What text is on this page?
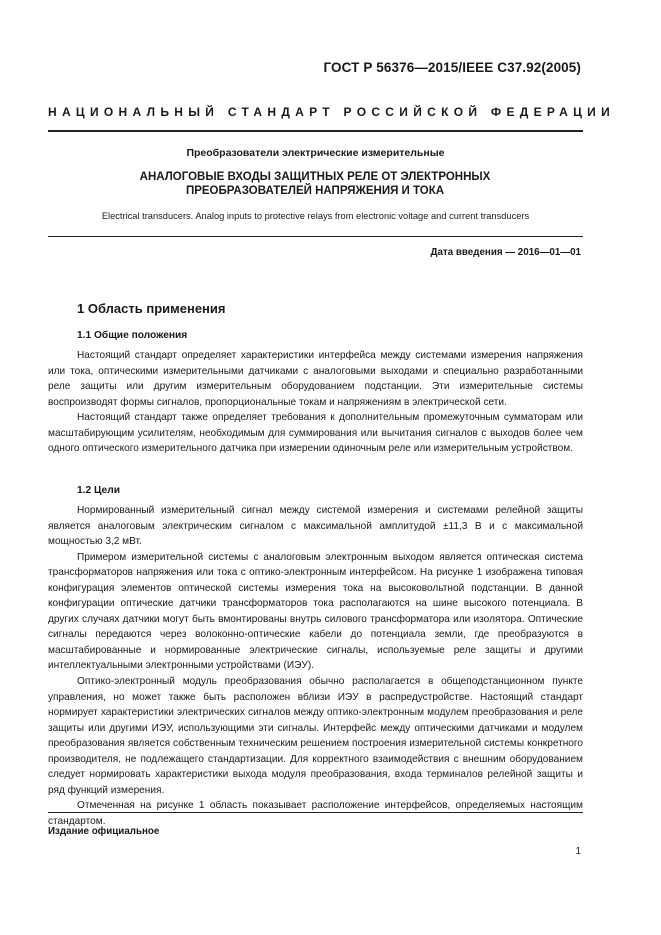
ГОСТ Р 56376—2015/IEEE C37.92(2005)
НАЦИОНАЛЬНЫЙ СТАНДАРТ РОССИЙСКОЙ ФЕДЕРАЦИИ
Преобразователи электрические измерительные
АНАЛОГОВЫЕ ВХОДЫ ЗАЩИТНЫХ РЕЛЕ ОТ ЭЛЕКТРОННЫХ ПРЕОБРАЗОВАТЕЛЕЙ НАПРЯЖЕНИЯ И ТОКА
Electrical transducers. Analog inputs to protective relays from electronic voltage and current transducers
Дата введения — 2016—01—01
1 Область применения
1.1 Общие положения

Настоящий стандарт определяет характеристики интерфейса между системами измерения напряжения или тока, оптическими измерительными датчиками с аналоговыми выходами и специально разработанными реле защиты или другим измерительным оборудованием подстанции. Эти измерительные системы воспроизводят формы сигналов, пропорциональные токам и напряжениям в электрической сети.

Настоящий стандарт также определяет требования к дополнительным промежуточным сумматорам или масштабирующим усилителям, необходимым для суммирования или вычитания сигналов с выходов более чем одного оптического измерительного датчика при измерении одиночным реле или измерительным устройством.

1.2 Цели

Нормированный измерительный сигнал между системой измерения и системами релейной защиты является аналоговым электрическим сигналом с максимальной амплитудой ±11,3 В и с максимальной мощностью 3,2 мВт.

Примером измерительной системы с аналоговым электронным выходом является оптическая система трансформаторов напряжения или тока с оптико-электронным интерфейсом. На рисунке 1 изображена типовая конфигурация элементов оптической системы измерения тока на высоковольтной подстанции. В данной конфигурации оптические датчики трансформаторов тока располагаются на шине высокого потенциала. В других случаях датчики могут быть вмонтированы внутрь силового трансформатора или изолятора. Оптические сигналы передаются через волоконно-оптические кабели до потенциала земли, где преобразуются в масштабированные и нормированные электрические сигналы, используемые реле защиты и другими интеллектуальными электронными устройствами (ИЭУ).

Оптико-электронный модуль преобразования обычно располагается в общеподстанционном пункте управления, но может также быть расположен вблизи ИЭУ в распредустройстве. Настоящий стандарт нормирует характеристики электрических сигналов между оптико-электронным модулем преобразования и реле защиты или другими ИЭУ, использующими эти сигналы. Интерфейс между оптическими датчиками и модулем преобразования является собственным техническим решением построения измерительной системы конкретного производителя, не подлежащего стандартизации. Для корректного взаимодействия с внешним оборудованием следует нормировать характеристики выхода модуля преобразования, входа терминалов релейной защиты и ряд функций измерения.

Отмеченная на рисунке 1 область показывает расположение интерфейсов, определяемых настоящим стандартом.

Издание официальное
1
